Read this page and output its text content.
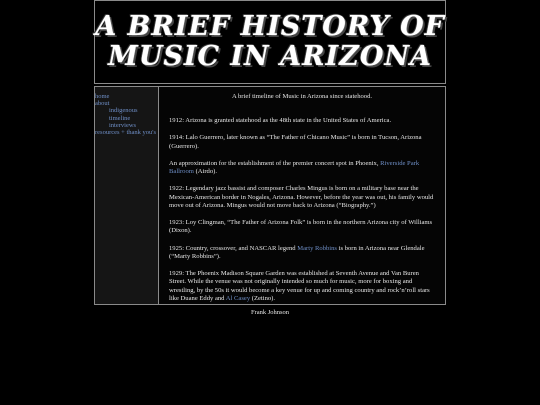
A BRIEF HISTORY OF
MUSIC IN ARIZONA
home
about
indigenous
timeline
interviews
resources + thank you's

A brief timeline of Music in Arizona since statehood.

1912: Arizona is granted statehood as the 48th state in the United States of America.

1914: Lalo Guerrero, later known as “The Father of Chicano Music” is born in Tucson, Arizona (Guerrero).

An approximation for the establishment of the premier concert spot in Phoenix, Riverside Park Ballroom (Airdo).

1922: Legendary jazz bassist and composer Charles Mingus is born on a military base near the Mexican-American border in Nogales, Arizona. However, before the year was out, his family would move out of Arizona. Mingus would not move back to Arizona (“Biography.”)

1923: Loy Clingman, “The Father of Arizona Folk” is born in the northern Arizona city of Williams (Dixon).

1925: Country, crossover, and NASCAR legend Marty Robbins is born in Arizona near Glendale (“Marty Robbins”).

1929: The Phoenix Madison Square Garden was established at Seventh Avenue and Van Buren Street. While the venue was not originally intended so much for music, more for boxing and wrestling, by the 50s it would become a key venue for up and coming country and rock’n’roll stars like Duane Eddy and Al Casey (Zetino).

Frank Johnson
